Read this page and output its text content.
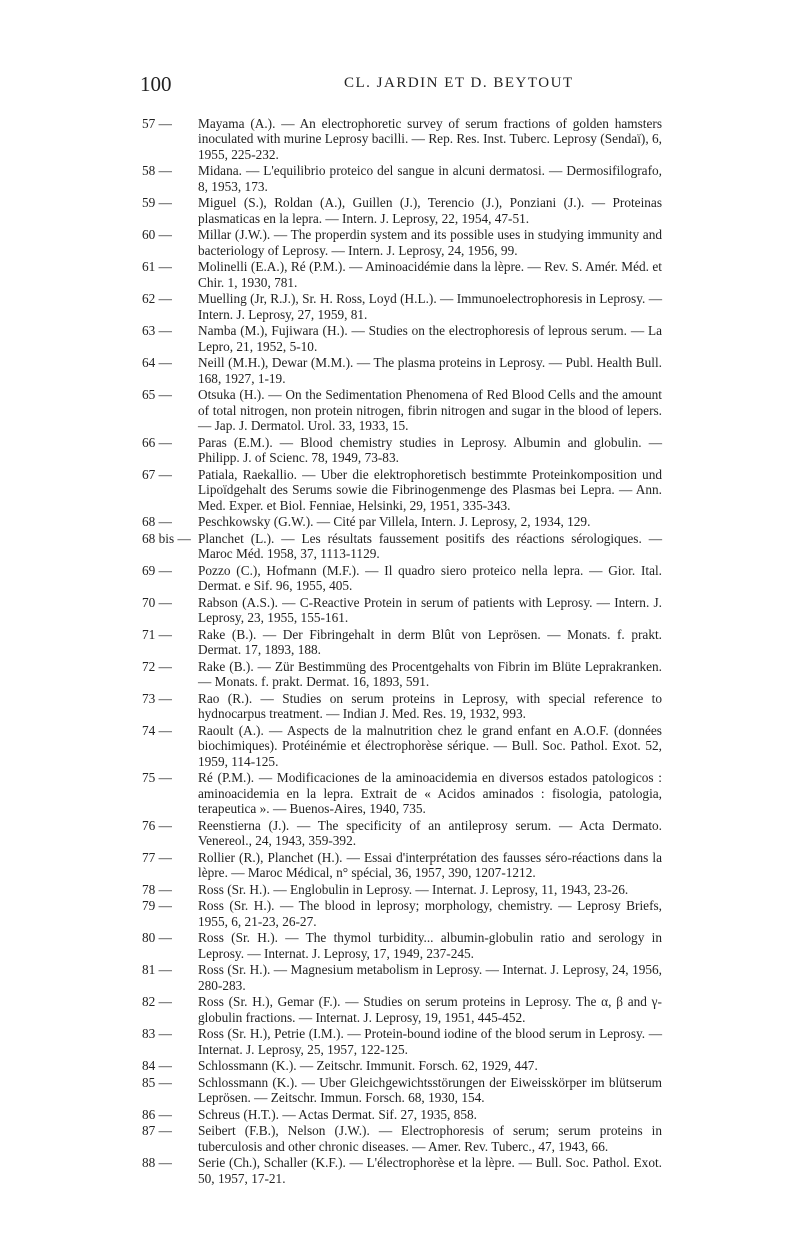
100	CL. JARDIN ET D. BEYTOUT

57 — Mayama (A.). — An electrophoretic survey of serum fractions of golden hamsters inoculated with murine Leprosy bacilli. — Rep. Res. Inst. Tuberc. Leprosy (Sendaï), 6, 1955, 225-232.

58 — Midana. — L'equilibrio proteico del sangue in alcuni dermatosi. — Dermosifilografo, 8, 1953, 173.

59 — Miguel (S.), Roldan (A.), Guillen (J.), Terencio (J.), Ponziani (J.). — Proteinas plasmaticas en la lepra. — Intern. J. Leprosy, 22, 1954, 47-51.

60 — Millar (J.W.). — The properdin system and its possible uses in studying immunity and bacteriology of Leprosy. — Intern. J. Leprosy, 24, 1956, 99.

61 — Molinelli (E.A.), Ré (P.M.). — Aminoacidémie dans la lèpre. — Rev. S. Amér. Méd. et Chir. 1, 1930, 781.

62 — Muelling (Jr, R.J.), Sr. H. Ross, Loyd (H.L.). — Immunoelectrophoresis in Leprosy. — Intern. J. Leprosy, 27, 1959, 81.

63 — Namba (M.), Fujiwara (H.). — Studies on the electrophoresis of leprous serum. — La Lepro, 21, 1952, 5-10.

64 — Neill (M.H.), Dewar (M.M.). — The plasma proteins in Leprosy. — Publ. Health Bull. 168, 1927, 1-19.

65 — Otsuka (H.). — On the Sedimentation Phenomena of Red Blood Cells and the amount of total nitrogen, non protein nitrogen, fibrin nitrogen and sugar in the blood of lepers. — Jap. J. Dermatol. Urol. 33, 1933, 15.

66 — Paras (E.M.). — Blood chemistry studies in Leprosy. Albumin and globulin. — Philipp. J. of Scienc. 78, 1949, 73-83.

67 — Patiala, Raekallio. — Uber die elektrophoretisch bestimmte Proteinkomposition und Lipoïdgehalt des Serums sowie die Fibrinogenmenge des Plasmas bei Lepra. — Ann. Med. Exper. et Biol. Fenniae, Helsinki, 29, 1951, 335-343.

68 — Peschkowsky (G.W.). — Cité par Villela, Intern. J. Leprosy, 2, 1934, 129.

68 bis — Planchet (L.). — Les résultats faussement positifs des réactions sérologiques. — Maroc Méd. 1958, 37, 1113-1129.

69 — Pozzo (C.), Hofmann (M.F.). — Il quadro siero proteico nella lepra. — Gior. Ital. Dermat. e Sif. 96, 1955, 405.

70 — Rabson (A.S.). — C-Reactive Protein in serum of patients with Leprosy. — Intern. J. Leprosy, 23, 1955, 155-161.

71 — Rake (B.). — Der Fibringehalt in derm Blût von Leprösen. — Monats. f. prakt. Dermat. 17, 1893, 188.

72 — Rake (B.). — Zür Bestimmüng des Procentgehalts von Fibrin im Blüte Leprakranken. — Monats. f. prakt. Dermat. 16, 1893, 591.

73 — Rao (R.). — Studies on serum proteins in Leprosy, with special reference to hydnocarpus treatment. — Indian J. Med. Res. 19, 1932, 993.

74 — Raoult (A.). — Aspects de la malnutrition chez le grand enfant en A.O.F. (données biochimiques). Protéinémie et électrophorèse sérique. — Bull. Soc. Pathol. Exot. 52, 1959, 114-125.

75 — Ré (P.M.). — Modificaciones de la aminoacidemia en diversos estados patologicos : aminoacidemia en la lepra. Extrait de « Acidos aminados : fisologia, patologia, terapeutica ». — Buenos-Aires, 1940, 735.

76 — Reenstierna (J.). — The specificity of an antileprosy serum. — Acta Dermato. Venereol., 24, 1943, 359-392.

77 — Rollier (R.), Planchet (H.). — Essai d'interprétation des fausses séro-réactions dans la lèpre. — Maroc Médical, n° spécial, 36, 1957, 390, 1207-1212.

78 — Ross (Sr. H.). — Englobulin in Leprosy. — Internat. J. Leprosy, 11, 1943, 23-26.

79 — Ross (Sr. H.). — The blood in leprosy; morphology, chemistry. — Leprosy Briefs, 1955, 6, 21-23, 26-27.

80 — Ross (Sr. H.). — The thymol turbidity... albumin-globulin ratio and serology in Leprosy. — Internat. J. Leprosy, 17, 1949, 237-245.

81 — Ross (Sr. H.). — Magnesium metabolism in Leprosy. — Internat. J. Leprosy, 24, 1956, 280-283.

82 — Ross (Sr. H.), Gemar (F.). — Studies on serum proteins in Leprosy. The α, β and γ-globulin fractions. — Internat. J. Leprosy, 19, 1951, 445-452.

83 — Ross (Sr. H.), Petrie (I.M.). — Protein-bound iodine of the blood serum in Leprosy. — Internat. J. Leprosy, 25, 1957, 122-125.

84 — Schlossmann (K.). — Zeitschr. Immunit. Forsch. 62, 1929, 447.

85 — Schlossmann (K.). — Uber Gleichgewichtsstörungen der Eiweisskörper im blütserum Leprösen. — Zeitschr. Immun. Forsch. 68, 1930, 154.

86 — Schreus (H.T.). — Actas Dermat. Sif. 27, 1935, 858.

87 — Seibert (F.B.), Nelson (J.W.). — Electrophoresis of serum; serum proteins in tuberculosis and other chronic diseases. — Amer. Rev. Tuberc., 47, 1943, 66.

88 — Serie (Ch.), Schaller (K.F.). — L'électrophorèse et la lèpre. — Bull. Soc. Pathol. Exot. 50, 1957, 17-21.
